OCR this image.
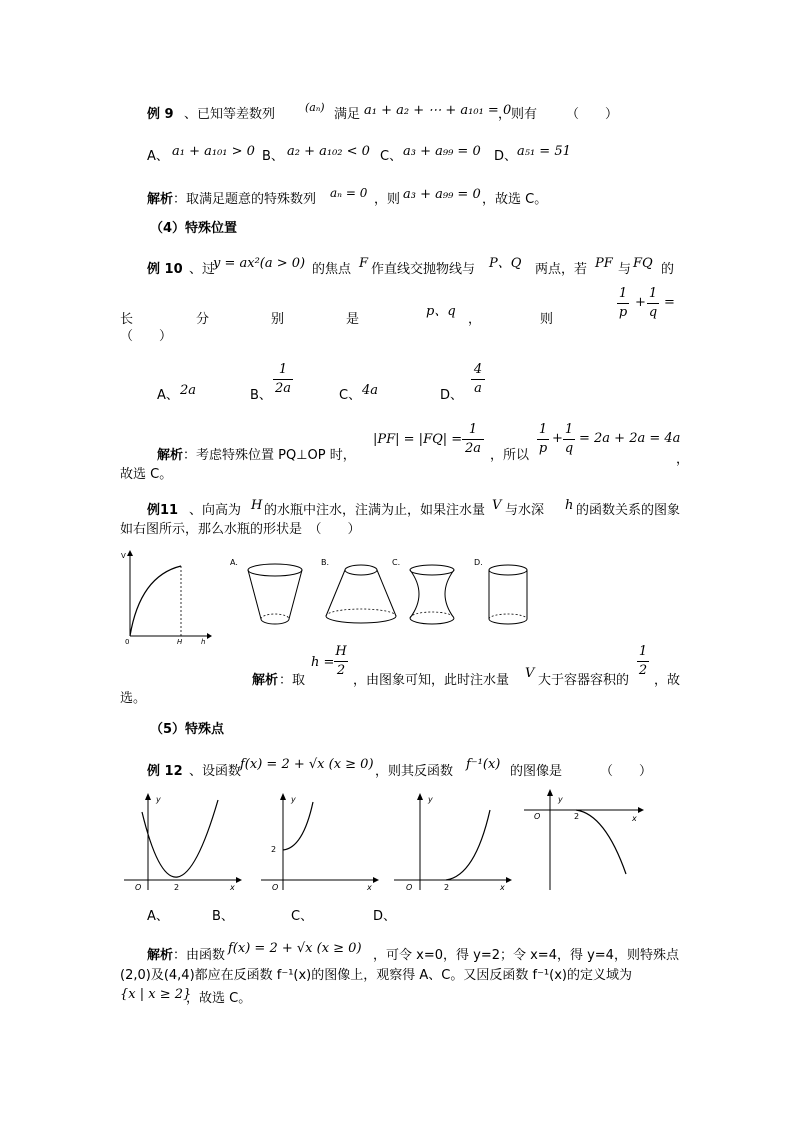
例 9 、已知等差数列	(aₙ) 满足 a₁ + a₂ + ⋯ + a₁₀₁ = 0
，则有 （　　）
A、 a₁ + a₁₀₁ > 0 B、 a₂ + a₁₀₂ < 0 C、 a₃ + a₉₉ = 0 D、 a₅₁ = 51
解析 ：取满足题意的特殊数列 aₙ = 0 ，则 a₃ + a₉₉ = 0 ，故选 C。
（4）特殊位置
例 10 、过
y = ax²(a > 0) 的焦点 F 作直线交抛物线与 P、Q 两点，若 PF 与 FQ 的
长	分	别	是
p、q
，	则
1
p
+
1
q
=
（　　）
A、 2a	B、
1
2a	C、 4a	D、
4
a
解析 ：考虑特殊位置 PQ⊥OP 时，
|PF| = |FQ| =
1
2a ，所以
1
p
+
1
q
= 2a + 2a = 4a
，
故选 C。
例11 、向高为 H 的水瓶中注水，注满为止，如果注水量 V 与水深 h 的函数关系的图象
如右图所示，那么水瓶的形状是　（　　）
V
0	H	h
A.	B.	C.	D.
解析 ：取
h =
H
2
，由图象可知，此时注水量 V 大于容器容积的
1
2
，故
选 。
（5）特殊点
例 12 、设函数
f(x) = 2 + √x (x ≥ 0) ，则其反函数 f⁻¹(x) 的图像是	（　　）
y
x
O	2
y
x
O
2
y
x
O	2
y
x
O	2
A、	B、	C、	D、
解析 ：由函数 f(x) = 2 + √x (x ≥ 0) ，可令 x=0，得 y=2；令 x=4，得 y=4，则特殊点
(2,0)及(4,4)都应在反函数 f⁻¹(x)的图像上，观察得 A、C。又因反函数 f⁻¹(x)的定义域为
{x | x ≥ 2}
，故选 C。
